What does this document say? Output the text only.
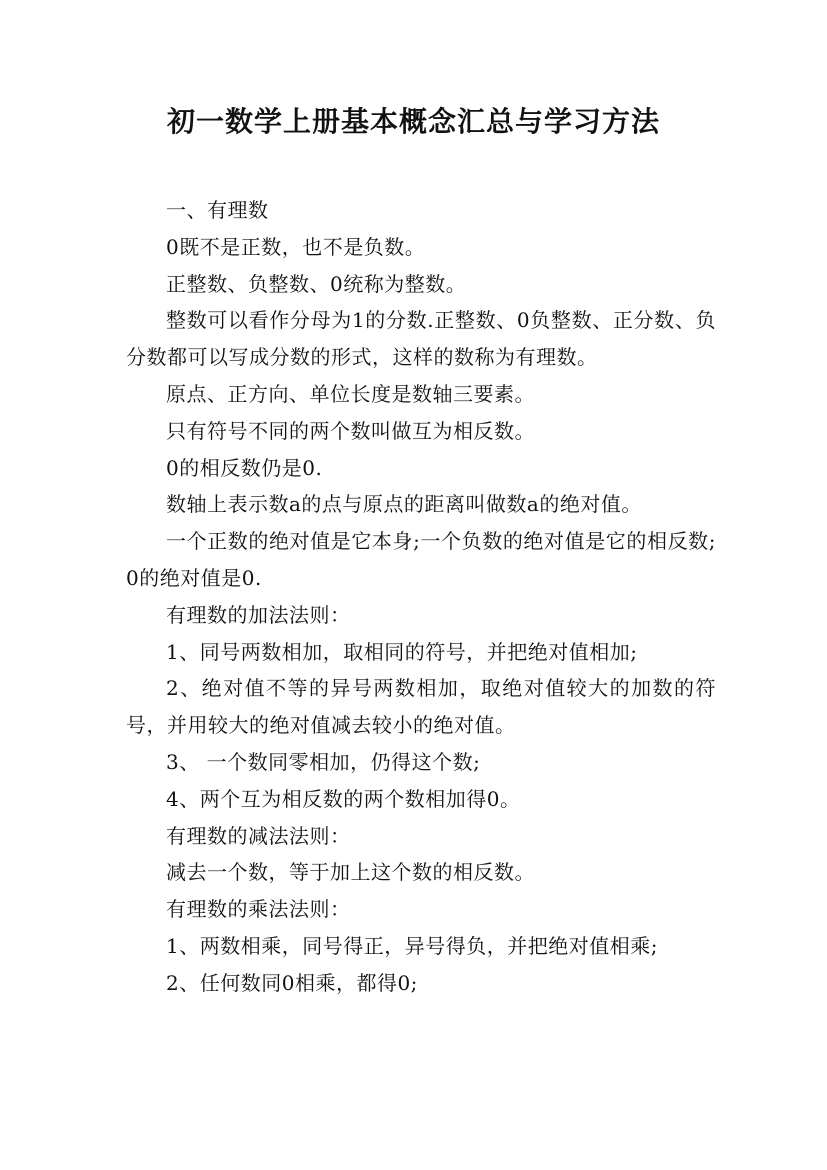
初一数学上册基本概念汇总与学习方法

一、有理数

0既不是正数，也不是负数。

正整数、负整数、0统称为整数。

整数可以看作分母为1的分数.正整数、0负整数、正分数、负分数都可以写成分数的形式，这样的数称为有理数。

原点、正方向、单位长度是数轴三要素。

只有符号不同的两个数叫做互为相反数。

0的相反数仍是0.

数轴上表示数a的点与原点的距离叫做数a的绝对值。

一个正数的绝对值是它本身;一个负数的绝对值是它的相反数;0的绝对值是0.

有理数的加法法则：

1、同号两数相加，取相同的符号，并把绝对值相加;

2、绝对值不等的异号两数相加，取绝对值较大的加数的符号，并用较大的绝对值减去较小的绝对值。

3、 一个数同零相加，仍得这个数;

4、两个互为相反数的两个数相加得0。

有理数的减法法则：

减去一个数，等于加上这个数的相反数。

有理数的乘法法则：

1、两数相乘，同号得正，异号得负，并把绝对值相乘;

2、任何数同0相乘，都得0;
